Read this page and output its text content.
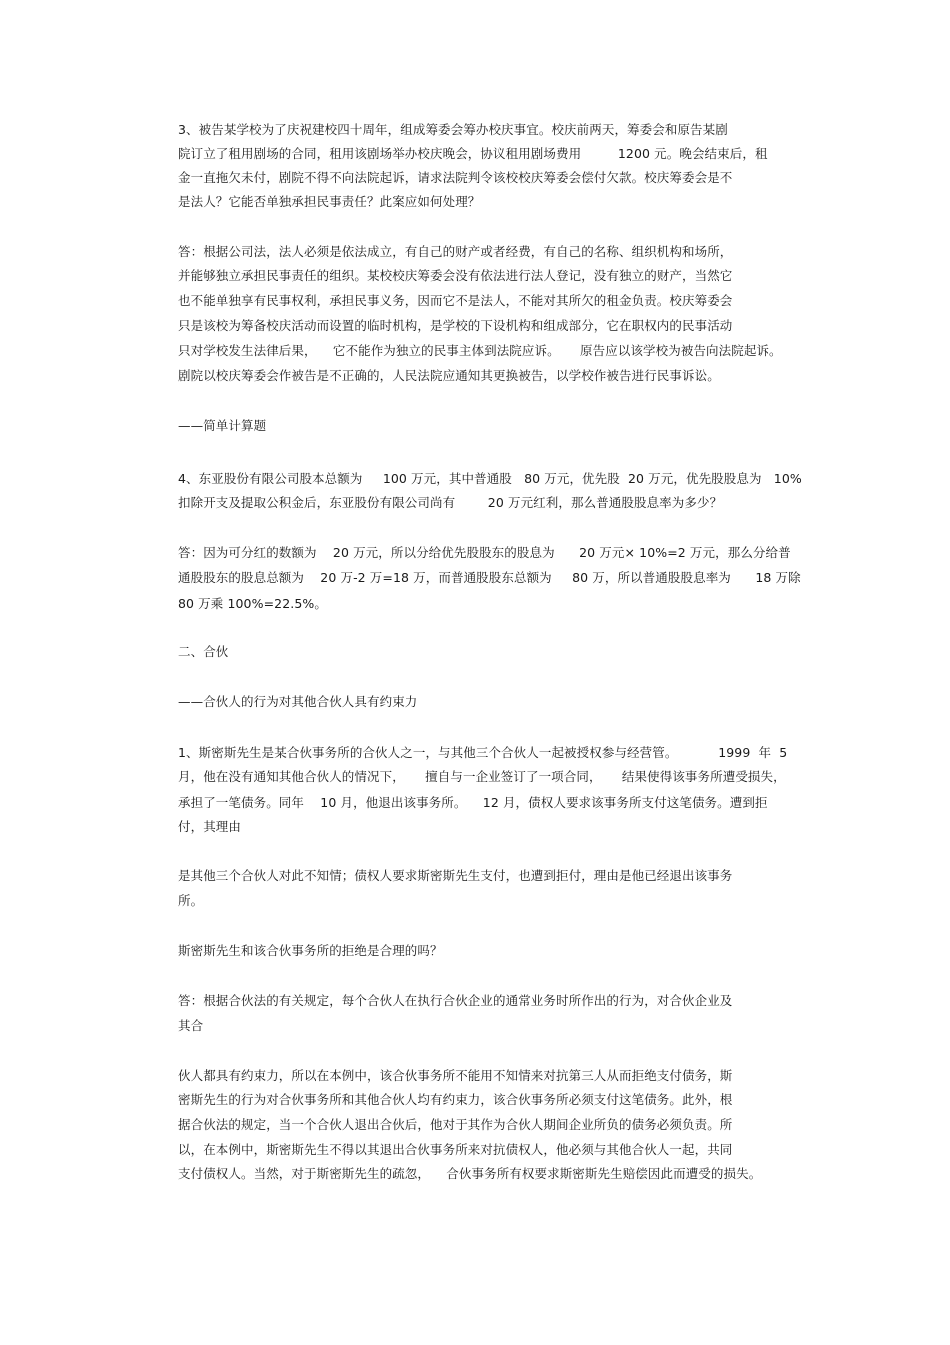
3、被告某学校为了庆祝建校四十周年，组成筹委会筹办校庆事宜。校庆前两天，筹委会和原告某剧
院订立了租用剧场的合同，租用该剧场举办校庆晚会，协议租用剧场费用         1200 元。晚会结束后，租
金一直拖欠未付，剧院不得不向法院起诉，请求法院判令该校校庆筹委会偿付欠款。校庆筹委会是不
是法人？它能否单独承担民事责任？此案应如何处理？
答：根据公司法，法人必须是依法成立，有自己的财产或者经费，有自己的名称、组织机构和场所，
并能够独立承担民事责任的组织。某校校庆筹委会没有依法进行法人登记，没有独立的财产，当然它
也不能单独享有民事权利，承担民事义务，因而它不是法人，不能对其所欠的租金负责。校庆筹委会
只是该校为筹备校庆活动而设置的临时机构，是学校的下设机构和组成部分，它在职权内的民事活动
只对学校发生法律后果，    它不能作为独立的民事主体到法院应诉。     原告应以该学校为被告向法院起诉。
剧院以校庆筹委会作被告是不正确的，人民法院应通知其更换被告，以学校作被告进行民事诉讼。
——简单计算题
4、东亚股份有限公司股本总额为     100 万元，其中普通股   80 万元，优先股  20 万元，优先股股息为   10%
扣除开支及提取公积金后，东亚股份有限公司尚有        20 万元红利，那么普通股股息率为多少？
答：因为可分红的数额为    20 万元，所以分给优先股股东的股息为      20 万元× 10%=2 万元，那么分给普
通股股东的股息总额为    20 万-2 万=18 万，而普通股股东总额为     80 万，所以普通股股息率为      18 万除
80 万乘 100%=22.5%。
二、合伙
——合伙人的行为对其他合伙人具有约束力
1、斯密斯先生是某合伙事务所的合伙人之一，与其他三个合伙人一起被授权参与经营管。          1999  年  5
月，他在没有通知其他合伙人的情况下，     擅自与一企业签订了一项合同，     结果使得该事务所遭受损失，
承担了一笔债务。同年    10 月，他退出该事务所。    12 月，债权人要求该事务所支付这笔债务。遭到拒
付，其理由
是其他三个合伙人对此不知情；债权人要求斯密斯先生支付，也遭到拒付，理由是他已经退出该事务
所。
斯密斯先生和该合伙事务所的拒绝是合理的吗？
答：根据合伙法的有关规定，每个合伙人在执行合伙企业的通常业务时所作出的行为，对合伙企业及
其合
伙人都具有约束力，所以在本例中，该合伙事务所不能用不知情来对抗第三人从而拒绝支付债务，斯
密斯先生的行为对合伙事务所和其他合伙人均有约束力，该合伙事务所必须支付这笔债务。此外，根
据合伙法的规定，当一个合伙人退出合伙后，他对于其作为合伙人期间企业所负的债务必须负责。所
以，在本例中，斯密斯先生不得以其退出合伙事务所来对抗债权人，他必须与其他合伙人一起，共同
支付债权人。当然，对于斯密斯先生的疏忽，    合伙事务所有权要求斯密斯先生赔偿因此而遭受的损失。
